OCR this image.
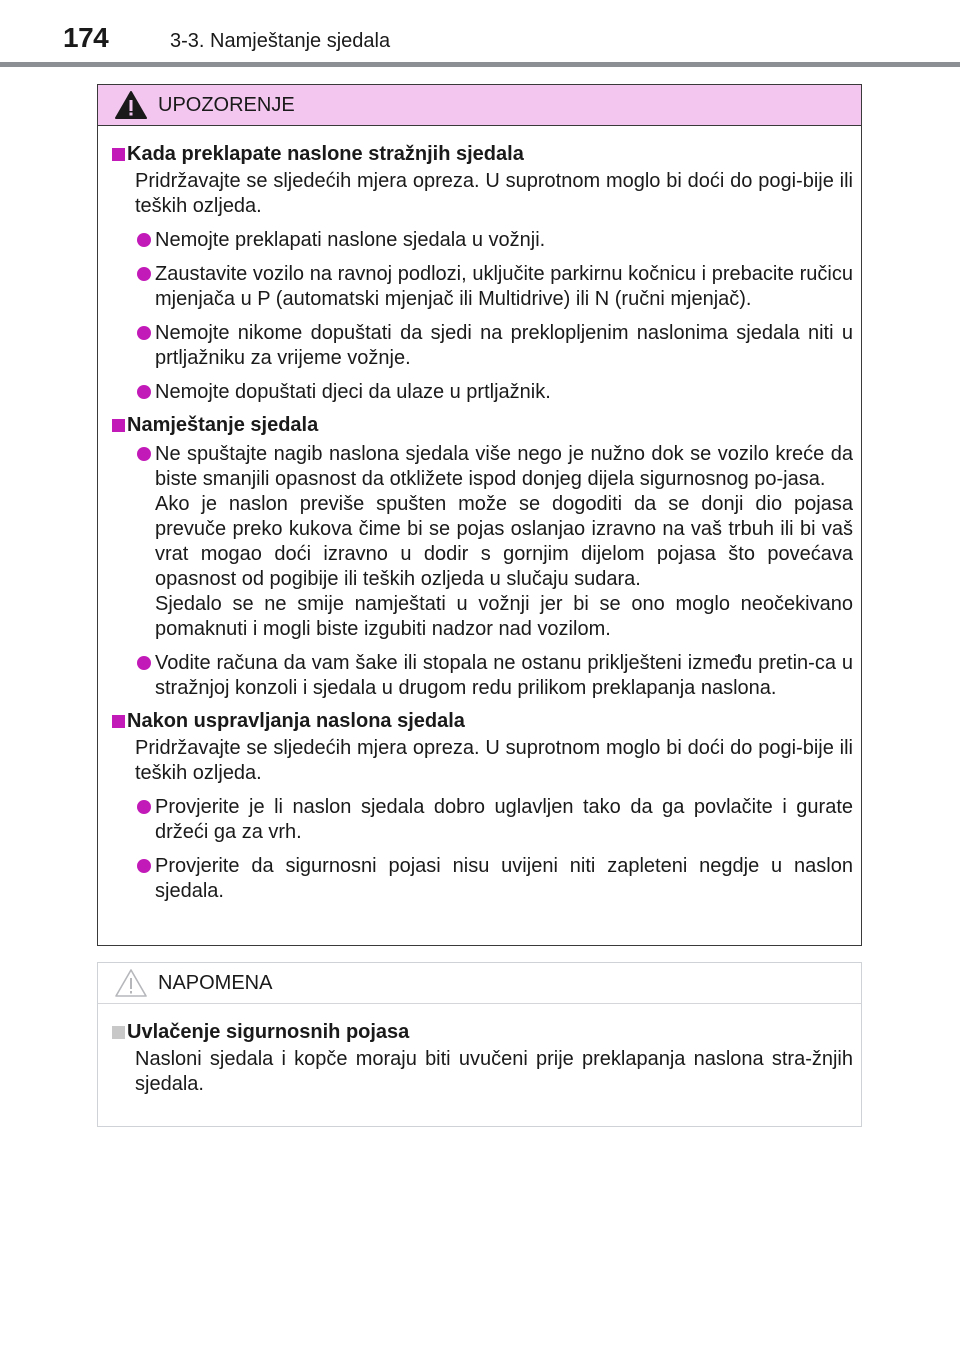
174	3-3. Namještanje sjedala
UPOZORENJE
Kada preklapate naslone stražnjih sjedala
Pridržavajte se sljedećih mjera opreza. U suprotnom moglo bi doći do pogi-bije ili teških ozljeda.
Nemojte preklapati naslone sjedala u vožnji.
Zaustavite vozilo na ravnoj podlozi, uključite parkirnu kočnicu i prebacite ručicu mjenjača u P (automatski mjenjač ili Multidrive) ili N (ručni mjenjač).
Nemojte nikome dopuštati da sjedi na preklopljenim naslonima sjedala niti u prtljažniku za vrijeme vožnje.
Nemojte dopuštati djeci da ulaze u prtljažnik.
Namještanje sjedala
Ne spuštajte nagib naslona sjedala više nego je nužno dok se vozilo kreće da biste smanjili opasnost da otkližete ispod donjeg dijela sigurnosnog po-jasa.
Ako je naslon previše spušten može se dogoditi da se donji dio pojasa prevuče preko kukova čime bi se pojas oslanjao izravno na vaš trbuh ili bi vaš vrat mogao doći izravno u dodir s gornjim dijelom pojasa što povećava opasnost od pogibije ili teških ozljeda u slučaju sudara.
Sjedalo se ne smije namještati u vožnji jer bi se ono moglo neočekivano pomaknuti i mogli biste izgubiti nadzor nad vozilom.
Vodite računa da vam šake ili stopala ne ostanu priklješteni između pretin-ca u stražnjoj konzoli i sjedala u drugom redu prilikom preklapanja naslona.
Nakon uspravljanja naslona sjedala
Pridržavajte se sljedećih mjera opreza. U suprotnom moglo bi doći do pogi-bije ili teških ozljeda.
Provjerite je li naslon sjedala dobro uglavljen tako da ga povlačite i gurate držeći ga za vrh.
Provjerite da sigurnosni pojasi nisu uvijeni niti zapleteni negdje u naslon sjedala.
NAPOMENA
Uvlačenje sigurnosnih pojasa
Nasloni sjedala i kopče moraju biti uvučeni prije preklapanja naslona stra-žnjih sjedala.
